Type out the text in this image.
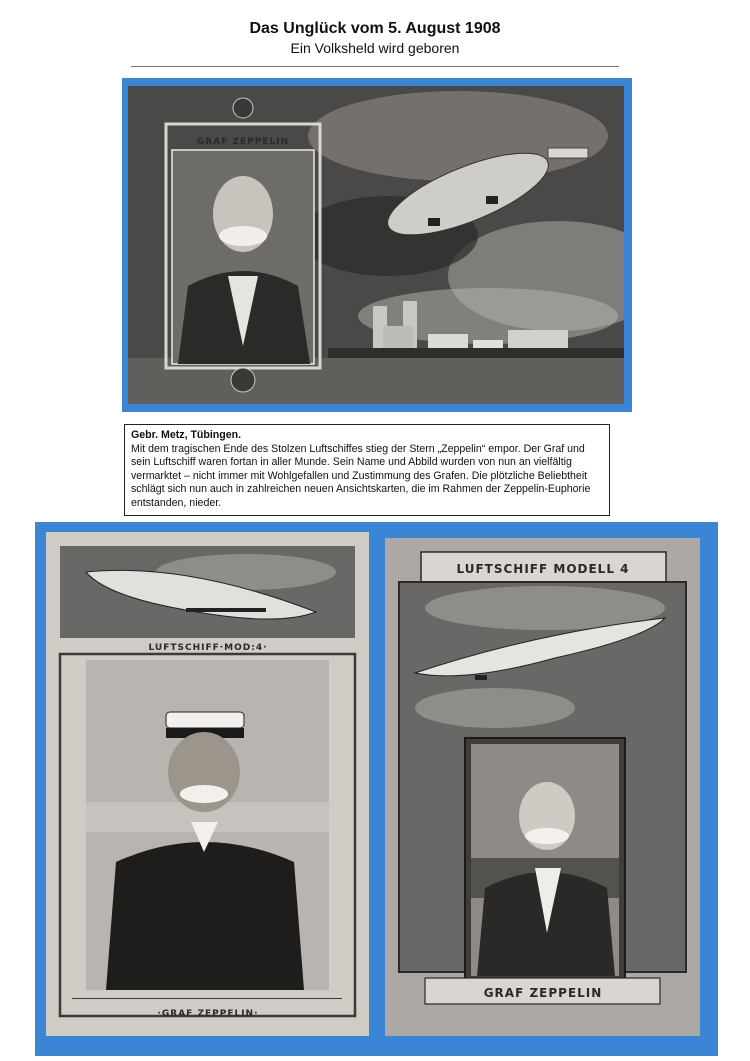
Das Unglück vom 5. August 1908
Ein Volksheld wird geboren
GRAF ZEPPELIN
Gebr. Metz, Tübingen.
Mit dem tragischen Ende des Stolzen Luftschiffes stieg der Stern „Zeppelin“ empor. Der Graf und sein Luftschiff waren fortan in aller Munde. Sein Name und Abbild wurden von nun an vielfältig vermarktet – nicht immer mit Wohlgefallen und Zustimmung des Grafen. Die plötzliche Beliebtheit schlägt sich nun auch in zahlreichen neuen Ansichtskarten, die im Rahmen der Zeppelin-Euphorie entstanden, nieder.
LUFTSCHIFF·MOD:4·
·GRAF ZEPPELIN·
LUFTSCHIFF MODELL 4
GRAF ZEPPELIN
